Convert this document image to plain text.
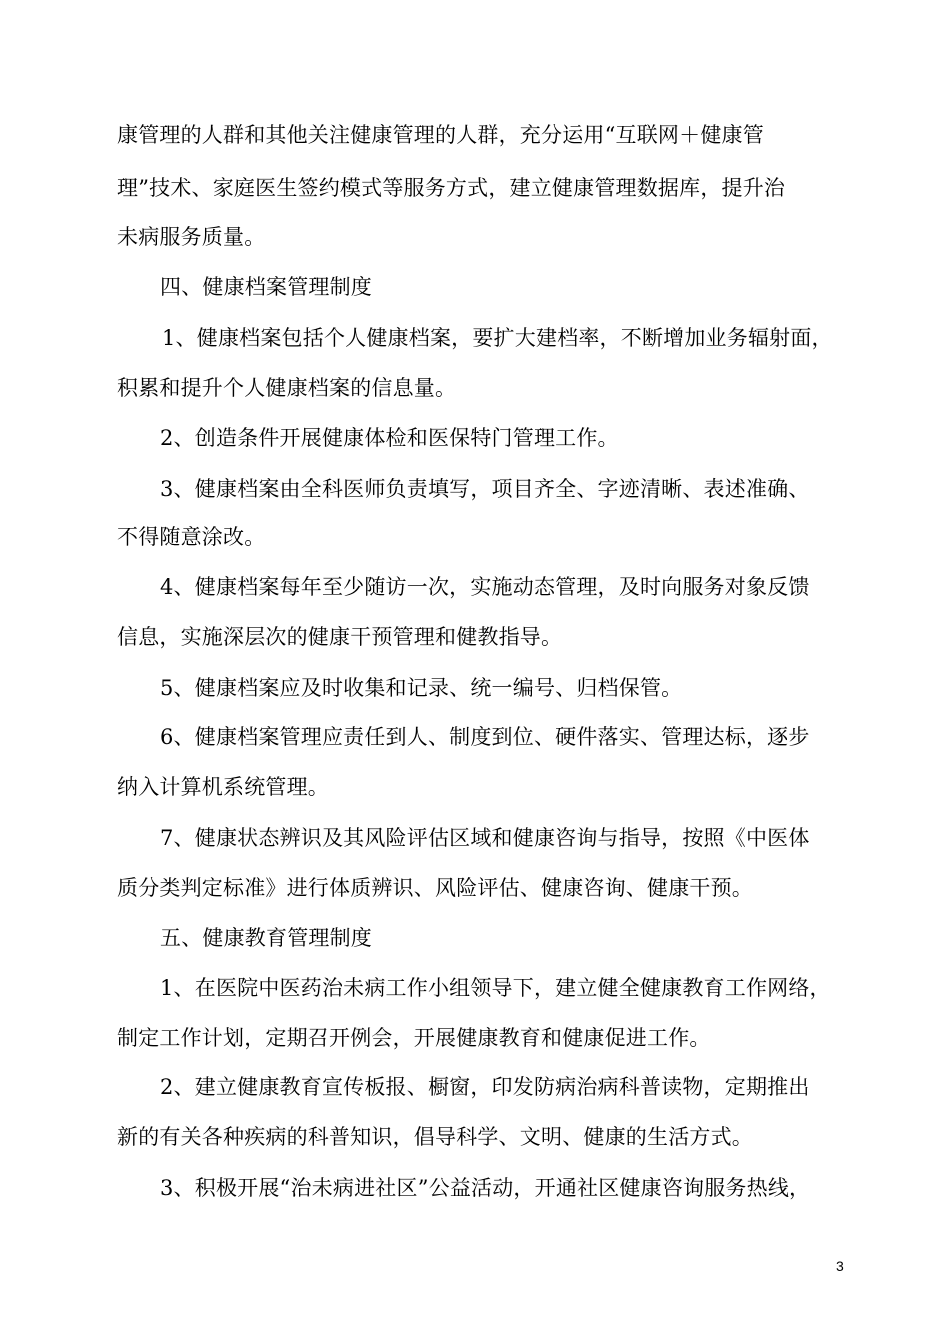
康管理的人群和其他关注健康管理的人群，充分运用“互联网＋健康管
理”技术、家庭医生签约模式等服务方式，建立健康管理数据库，提升治
未病服务质量。
四、健康档案管理制度
1、健康档案包括个人健康档案，要扩大建档率，不断增加业务辐射面，
积累和提升个人健康档案的信息量。
2、创造条件开展健康体检和医保特门管理工作。
3、健康档案由全科医师负责填写，项目齐全、字迹清晰、表述准确、
不得随意涂改。
4、健康档案每年至少随访一次，实施动态管理，及时向服务对象反馈
信息，实施深层次的健康干预管理和健教指导。
5、健康档案应及时收集和记录、统一编号、归档保管。
6、健康档案管理应责任到人、制度到位、硬件落实、管理达标，逐步
纳入计算机系统管理。
7、健康状态辨识及其风险评估区域和健康咨询与指导，按照《中医体
质分类判定标准》进行体质辨识、风险评估、健康咨询、健康干预。
五、健康教育管理制度
1、在医院中医药治未病工作小组领导下，建立健全健康教育工作网络，
制定工作计划，定期召开例会，开展健康教育和健康促进工作。
2、建立健康教育宣传板报、橱窗，印发防病治病科普读物，定期推出
新的有关各种疾病的科普知识，倡导科学、文明、健康的生活方式。
3、积极开展“治未病进社区”公益活动，开通社区健康咨询服务热线，
3
